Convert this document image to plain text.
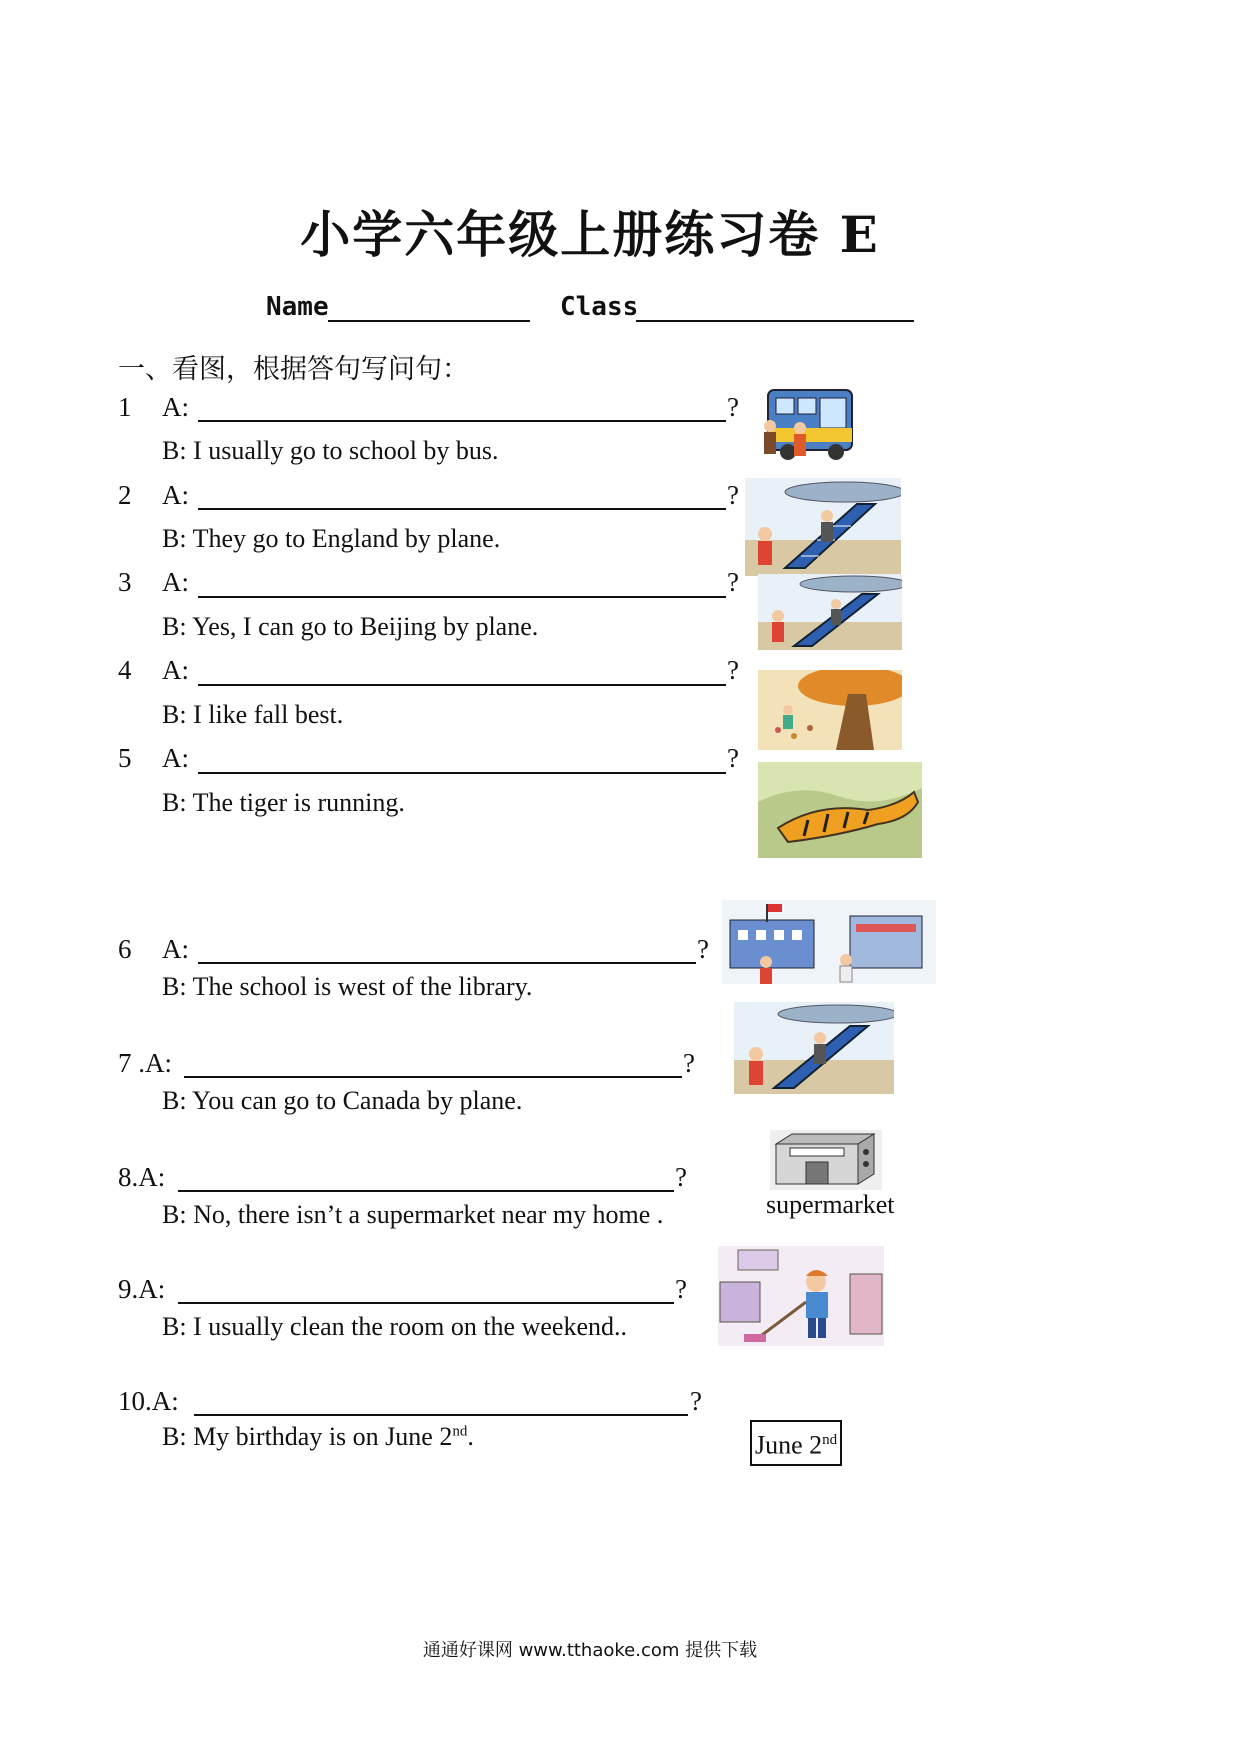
小学六年级上册练习卷 E
Name	Class
一、看图，根据答句写问句：
1 A:	?
B: I usually go to school by bus.
2 A:	?
B: They go to England by plane.
3 A:	?
B: Yes, I can go to Beijing by plane.
4 A:	?
B: I like fall best.
5 A:	?
B: The tiger is running.
6 A:	?
B: The school is west of the library.
7 .A:	?
B: You can go to Canada by plane.
8.A:	?
B: No, there isn’t a supermarket near my home .
9.A:	?
B: I usually clean the room on the weekend..
10.A:	?
B: My birthday is on June 2nd.
supermarket
June 2nd
通通好课网 www.tthaoke.com 提供下载
